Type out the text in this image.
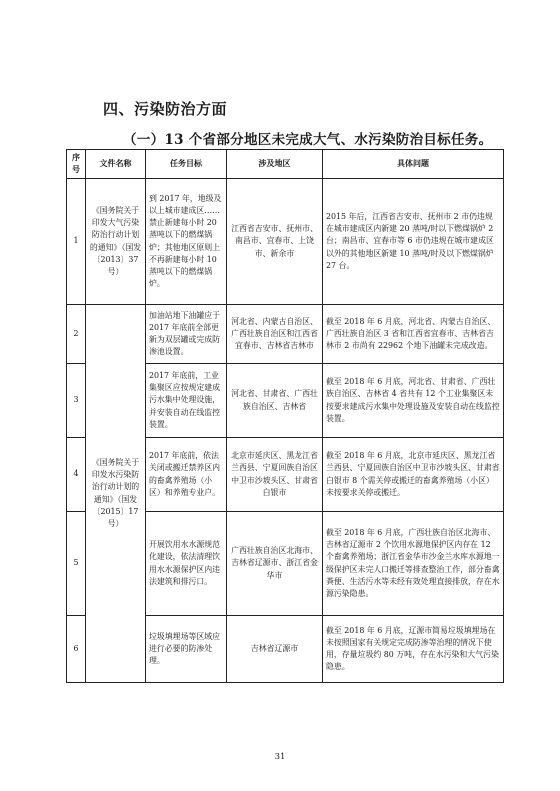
四、污染防治方面
（一）13 个省部分地区未完成大气、水污染防治目标任务。
序号	文件名称	任务目标	涉及地区	具体问题
1	《国务院关于印发大气污染防治行动计划的通知》（国发〔2013〕37号）	到 2017 年，地级及以上城市建成区……禁止新建每小时 20 蒸吨以下的燃煤锅炉；其他地区原则上不再新建每小时 10 蒸吨以下的燃煤锅炉。	江西省吉安市、抚州市、南昌市、宜春市、上饶市、新余市	2015 年后，江西省吉安市、抚州市 2 市仍违规在城市建成区内新建 20 蒸吨/时以下燃煤锅炉 2 台；南昌市、宜春市等 6 市仍违规在城市建成区以外的其他地区新建 10 蒸吨/时及以下燃煤锅炉 27 台。
2	《国务院关于印发水污染防治行动计划的通知》（国发〔2015〕17号）	加油站地下油罐应于 2017 年底前全部更新为双层罐或完成防渗池设置。	河北省、内蒙古自治区、广西壮族自治区和江西省宜春市、吉林省吉林市	截至 2018 年 6 月底，河北省、内蒙古自治区、广西壮族自治区 3 省和江西省宜春市、吉林省吉林市 2 市尚有 22962 个地下油罐未完成改造。
3		2017 年底前，工业集聚区应按规定建成污水集中处理设施，并安装自动在线监控装置。	河北省、甘肃省、广西壮族自治区、吉林省	截至 2018 年 6 月底，河北省、甘肃省、广西壮族自治区、吉林省 4 省共有 12 个工业集聚区未按要求建成污水集中处理设施及安装自动在线监控装置。
4		2017 年底前，依法关闭或搬迁禁养区内的畜禽养殖场（小区）和养殖专业户。	北京市延庆区、黑龙江省兰西县、宁夏回族自治区中卫市沙坡头区、甘肃省白银市	截至 2018 年 6 月底，北京市延庆区、黑龙江省兰西县、宁夏回族自治区中卫市沙坡头区、甘肃省白银市 8 个需关停或搬迁的畜禽养殖场（小区）未按要求关停或搬迁。
5		开展饮用水水源规范化建设，依法清理饮用水水源保护区内违法建筑和排污口。	广西壮族自治区北海市、吉林省辽源市、浙江省金华市	截至 2018 年 6 月底，广西壮族自治区北海市、吉林省辽源市 2 个饮用水源地保护区内存在 12 个畜禽养殖场；浙江省金华市沙金兰水库水源地一级保护区未完人口搬迁等排查整治工作，部分畜禽粪便、生活污水等未经有效处理直接排放，存在水源污染隐患。
6		垃圾填埋场等区域应进行必要的防渗处理。	吉林省辽源市	截至 2018 年 6 月底，辽源市简易垃圾填埋场在未按照国家有关规定完成防渗等治理的情况下使用，存量垃圾约 80 万吨，存在水污染和大气污染隐患。
31
